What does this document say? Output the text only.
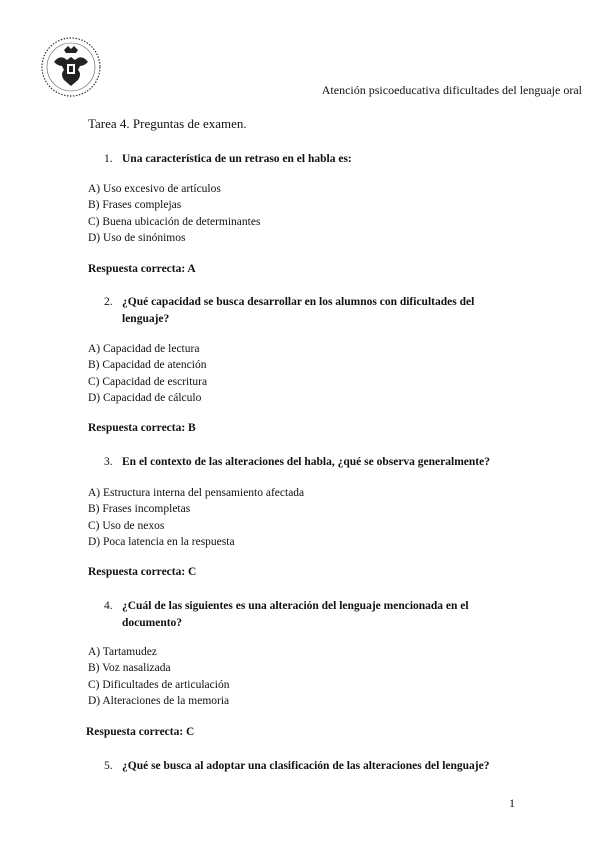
Atención psicoeducativa dificultades del lenguaje oral
Tarea 4. Preguntas de examen.
1. Una característica de un retraso en el habla es:
A) Uso excesivo de artículos
B) Frases complejas
C) Buena ubicación de determinantes
D) Uso de sinónimos
Respuesta correcta: A
2. ¿Qué capacidad se busca desarrollar en los alumnos con dificultades del lenguaje?
A) Capacidad de lectura
B) Capacidad de atención
C) Capacidad de escritura
D) Capacidad de cálculo
Respuesta correcta: B
3. En el contexto de las alteraciones del habla, ¿qué se observa generalmente?
A) Estructura interna del pensamiento afectada
B) Frases incompletas
C) Uso de nexos
D) Poca latencia en la respuesta
Respuesta correcta: C
4. ¿Cuál de las siguientes es una alteración del lenguaje mencionada en el documento?
A) Tartamudez
B) Voz nasalizada
C) Dificultades de articulación
D) Alteraciones de la memoria
Respuesta correcta: C
5. ¿Qué se busca al adoptar una clasificación de las alteraciones del lenguaje?
1
